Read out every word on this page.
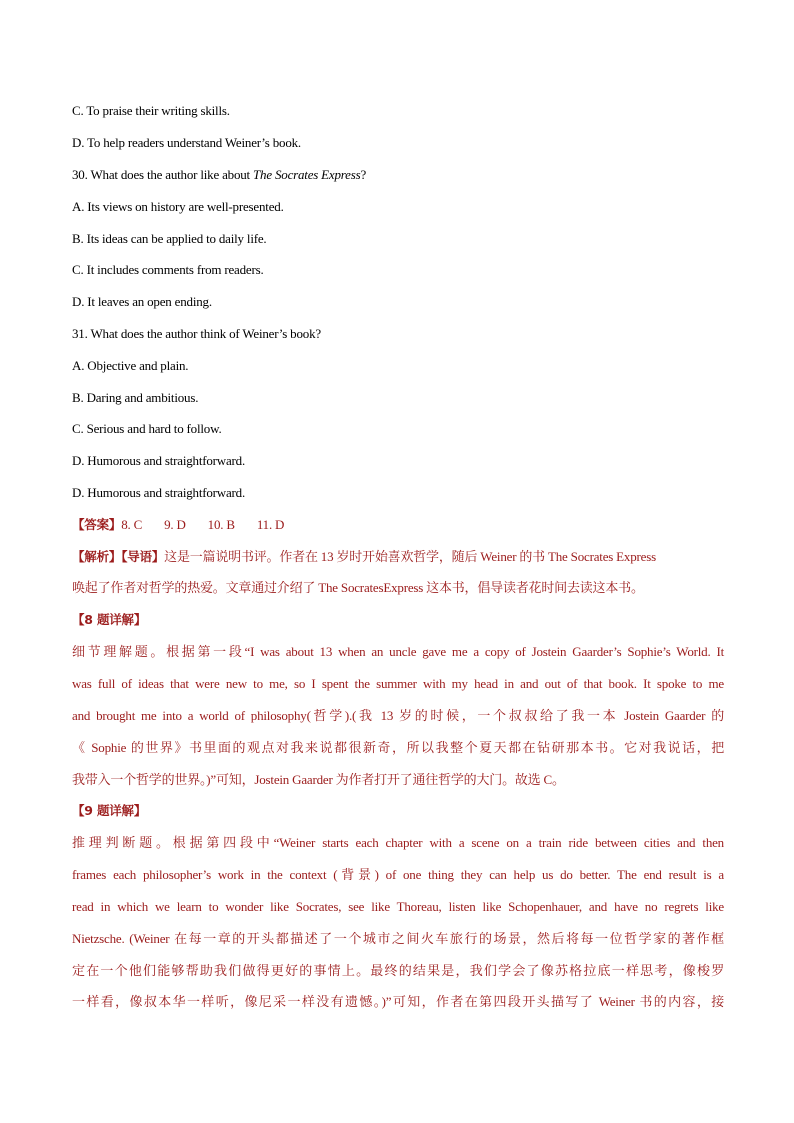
C. To praise their writing skills.
D. To help readers understand Weiner’s book.
30. What does the author like about The Socrates Express?
A. Its views on history are well-presented.
B. Its ideas can be applied to daily life.
C. It includes comments from readers.
D. It leaves an open ending.
31. What does the author think of Weiner’s book?
A. Objective and plain.
B. Daring and ambitious.
C. Serious and hard to follow.
D. Humorous and straightforward.
D. Humorous and straightforward.
【答案】8. C 9. D 10. B 11. D
【解析】【导语】这是一篇说明书评。作者在 13 岁时开始喜欢哲学，随后 Weiner 的书 The Socrates Express
唤起了作者对哲学的热爱。文章通过介绍了 The SocratesExpress 这本书，倡导读者花时间去读这本书。
【8 题详解】
细节理解题。根据第一段“I was about 13 when an uncle gave me a copy of Jostein Gaarder’s Sophie’s World. It
was full of ideas that were new to me, so I spent the summer with my head in and out of that book. It spoke to me
and brought me into a world of philosophy(哲学).(我 13 岁的时候，一个叔叔给了我一本 Jostein Gaarder 的
《 Sophie 的世界》书里面的观点对我来说都很新奇，所以我整个夏天都在钻研那本书。它对我说话，把
我带入一个哲学的世界。)”可知，Jostein Gaarder 为作者打开了通往哲学的大门。故选 C。
【9 题详解】
推理判断题。根据第四段中“Weiner starts each chapter with a scene on a train ride between cities and then
frames each philosopher’s work in the context (背景) of one thing they can help us do better. The end result is a
read in which we learn to wonder like Socrates, see like Thoreau, listen like Schopenhauer, and have no regrets like
Nietzsche. (Weiner 在每一章的开头都描述了一个城市之间火车旅行的场景，然后将每一位哲学家的著作框
定在一个他们能够帮助我们做得更好的事情上。最终的结果是，我们学会了像苏格拉底一样思考，像梭罗
一样看，像叔本华一样听，像尼采一样没有遗憾。)”可知，作者在第四段开头描写了 Weiner 书的内容，接
